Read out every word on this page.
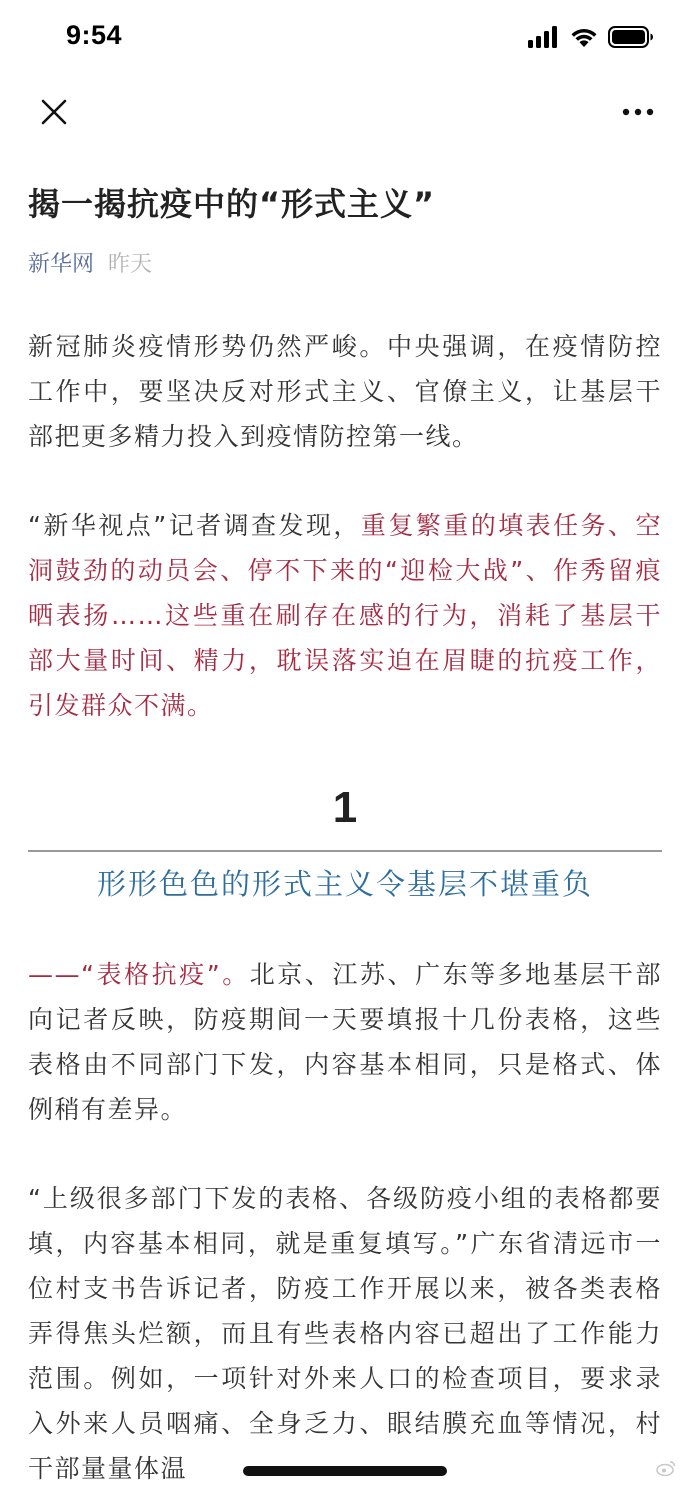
9:54
揭一揭抗疫中的“形式主义”
新华网 昨天

新冠肺炎疫情形势仍然严峻。中央强调，在疫情防控工作中，要坚决反对形式主义、官僚主义，让基层干部把更多精力投入到疫情防控第一线。

“新华视点”记者调查发现，重复繁重的填表任务、空洞鼓劲的动员会、停不下来的“迎检大战”、作秀留痕晒表扬……这些重在刷存在感的行为，消耗了基层干部大量时间、精力，耽误落实迫在眉睫的抗疫工作，引发群众不满。

1
形形色色的形式主义令基层不堪重负

——“表格抗疫”。北京、江苏、广东等多地基层干部向记者反映，防疫期间一天要填报十几份表格，这些表格由不同部门下发，内容基本相同，只是格式、体例稍有差异。

“上级很多部门下发的表格、各级防疫小组的表格都要填，内容基本相同，就是重复填写。”广东省清远市一位村支书告诉记者，防疫工作开展以来，被各类表格弄得焦头烂额，而且有些表格内容已超出了工作能力范围。例如，一项针对外来人口的检查项目，要求录入外来人员咽痛、全身乏力、眼结膜充血等情况，村干部量量体温
